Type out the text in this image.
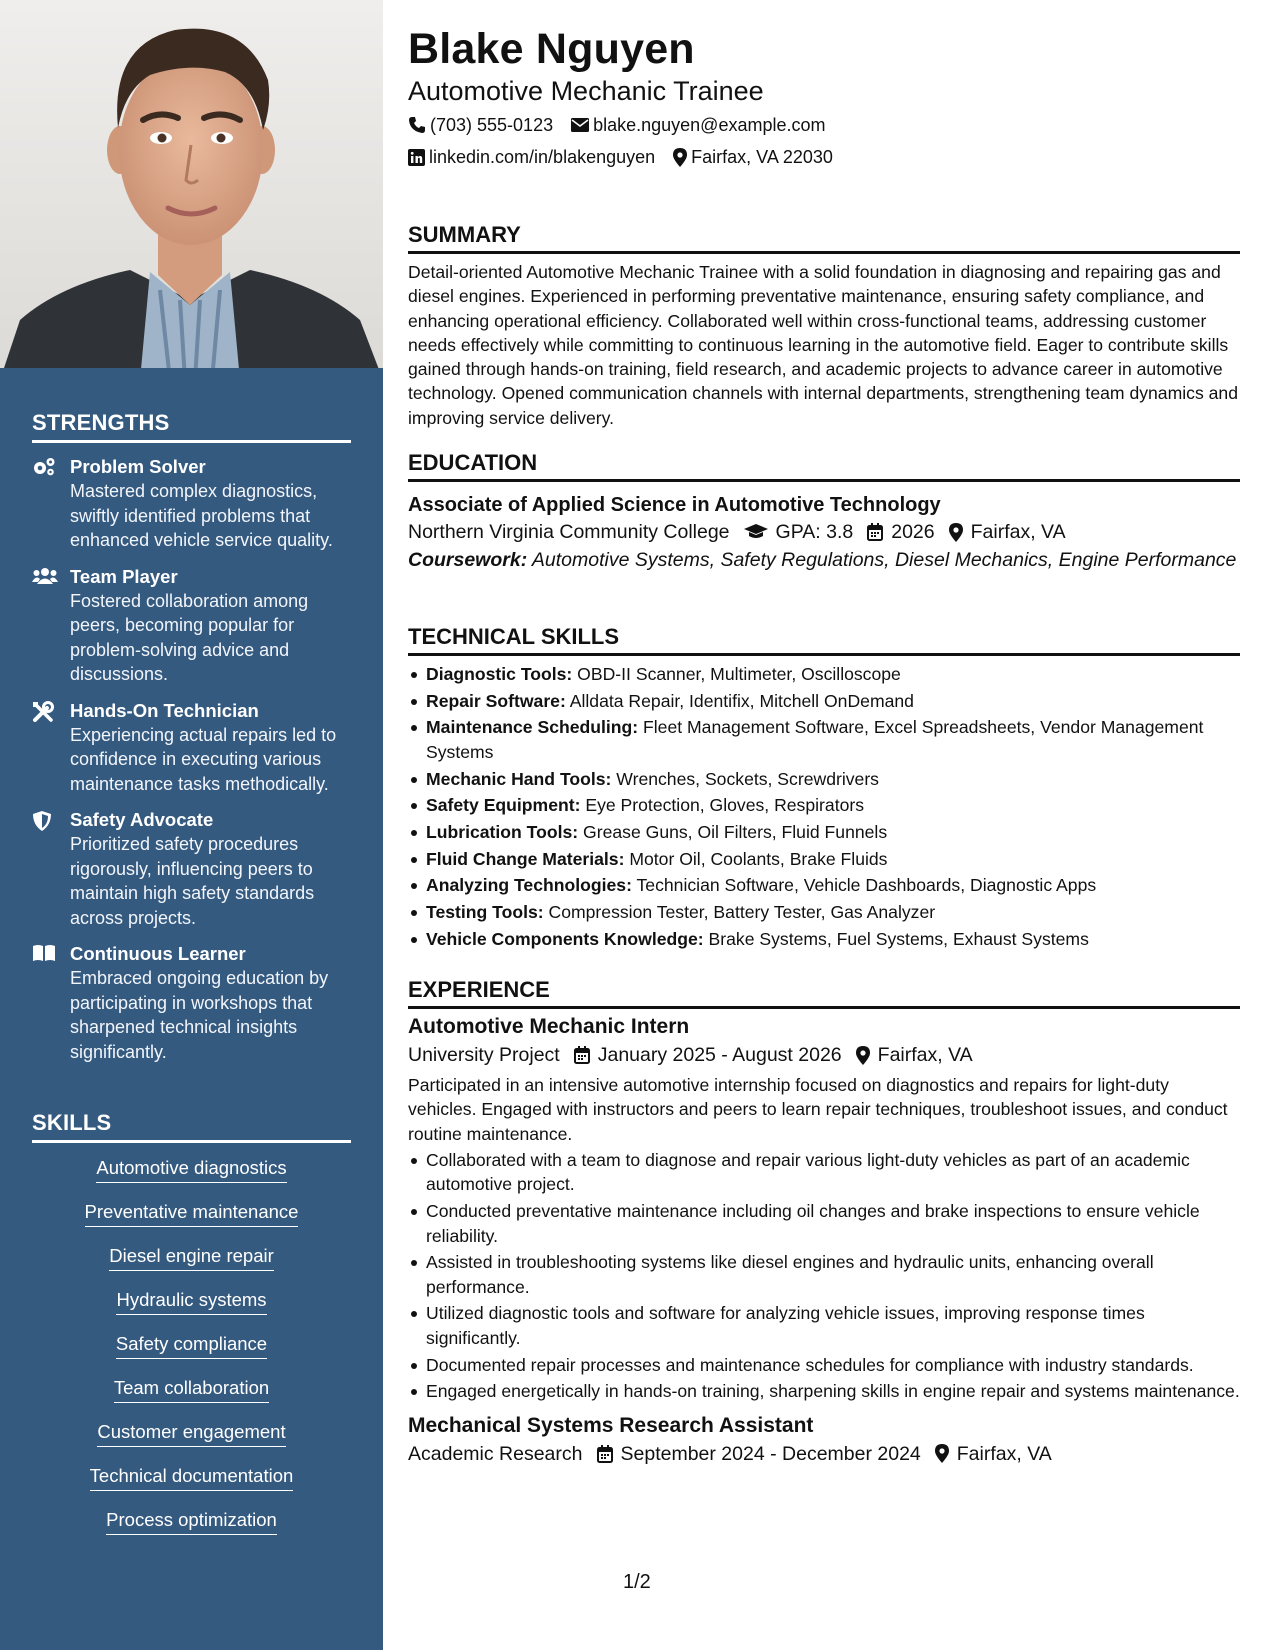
STRENGTHS
Problem Solver
Mastered complex diagnostics, swiftly identified problems that enhanced vehicle service quality.
Team Player
Fostered collaboration among peers, becoming popular for problem-solving advice and discussions.
Hands-On Technician
Experiencing actual repairs led to confidence in executing various maintenance tasks methodically.
Safety Advocate
Prioritized safety procedures rigorously, influencing peers to maintain high safety standards across projects.
Continuous Learner
Embraced ongoing education by participating in workshops that sharpened technical insights significantly.
SKILLS
Automotive diagnostics
Preventative maintenance
Diesel engine repair
Hydraulic systems
Safety compliance
Team collaboration
Customer engagement
Technical documentation
Process optimization
Blake Nguyen
Automotive Mechanic Trainee
(703) 555-0123 blake.nguyen@example.com
linkedin.com/in/blakenguyen Fairfax, VA 22030
SUMMARY

Detail-oriented Automotive Mechanic Trainee with a solid foundation in diagnosing and repairing gas and diesel engines. Experienced in performing preventative maintenance, ensuring safety compliance, and enhancing operational efficiency. Collaborated well within cross-functional teams, addressing customer needs effectively while committing to continuous learning in the automotive field. Eager to contribute skills gained through hands-on training, field research, and academic projects to advance career in automotive technology. Opened communication channels with internal departments, strengthening team dynamics and improving service delivery.

EDUCATION
Associate of Applied Science in Automotive Technology
Northern Virginia Community College GPA: 3.8 2026 Fairfax, VA
Coursework: Automotive Systems, Safety Regulations, Diesel Mechanics, Engine Performance
TECHNICAL SKILLS
Diagnostic Tools: OBD-II Scanner, Multimeter, Oscilloscope
Repair Software: Alldata Repair, Identifix, Mitchell OnDemand
Maintenance Scheduling: Fleet Management Software, Excel Spreadsheets, Vendor Management Systems
Mechanic Hand Tools: Wrenches, Sockets, Screwdrivers
Safety Equipment: Eye Protection, Gloves, Respirators
Lubrication Tools: Grease Guns, Oil Filters, Fluid Funnels
Fluid Change Materials: Motor Oil, Coolants, Brake Fluids
Analyzing Technologies: Technician Software, Vehicle Dashboards, Diagnostic Apps
Testing Tools: Compression Tester, Battery Tester, Gas Analyzer
Vehicle Components Knowledge: Brake Systems, Fuel Systems, Exhaust Systems
EXPERIENCE
Automotive Mechanic Intern
University Project January 2025 - August 2026 Fairfax, VA

Participated in an intensive automotive internship focused on diagnostics and repairs for light-duty vehicles. Engaged with instructors and peers to learn repair techniques, troubleshoot issues, and conduct routine maintenance.

Collaborated with a team to diagnose and repair various light-duty vehicles as part of an academic automotive project.
Conducted preventative maintenance including oil changes and brake inspections to ensure vehicle reliability.
Assisted in troubleshooting systems like diesel engines and hydraulic units, enhancing overall performance.
Utilized diagnostic tools and software for analyzing vehicle issues, improving response times significantly.
Documented repair processes and maintenance schedules for compliance with industry standards.
Engaged energetically in hands-on training, sharpening skills in engine repair and systems maintenance.
Mechanical Systems Research Assistant
Academic Research September 2024 - December 2024 Fairfax, VA
1/2
